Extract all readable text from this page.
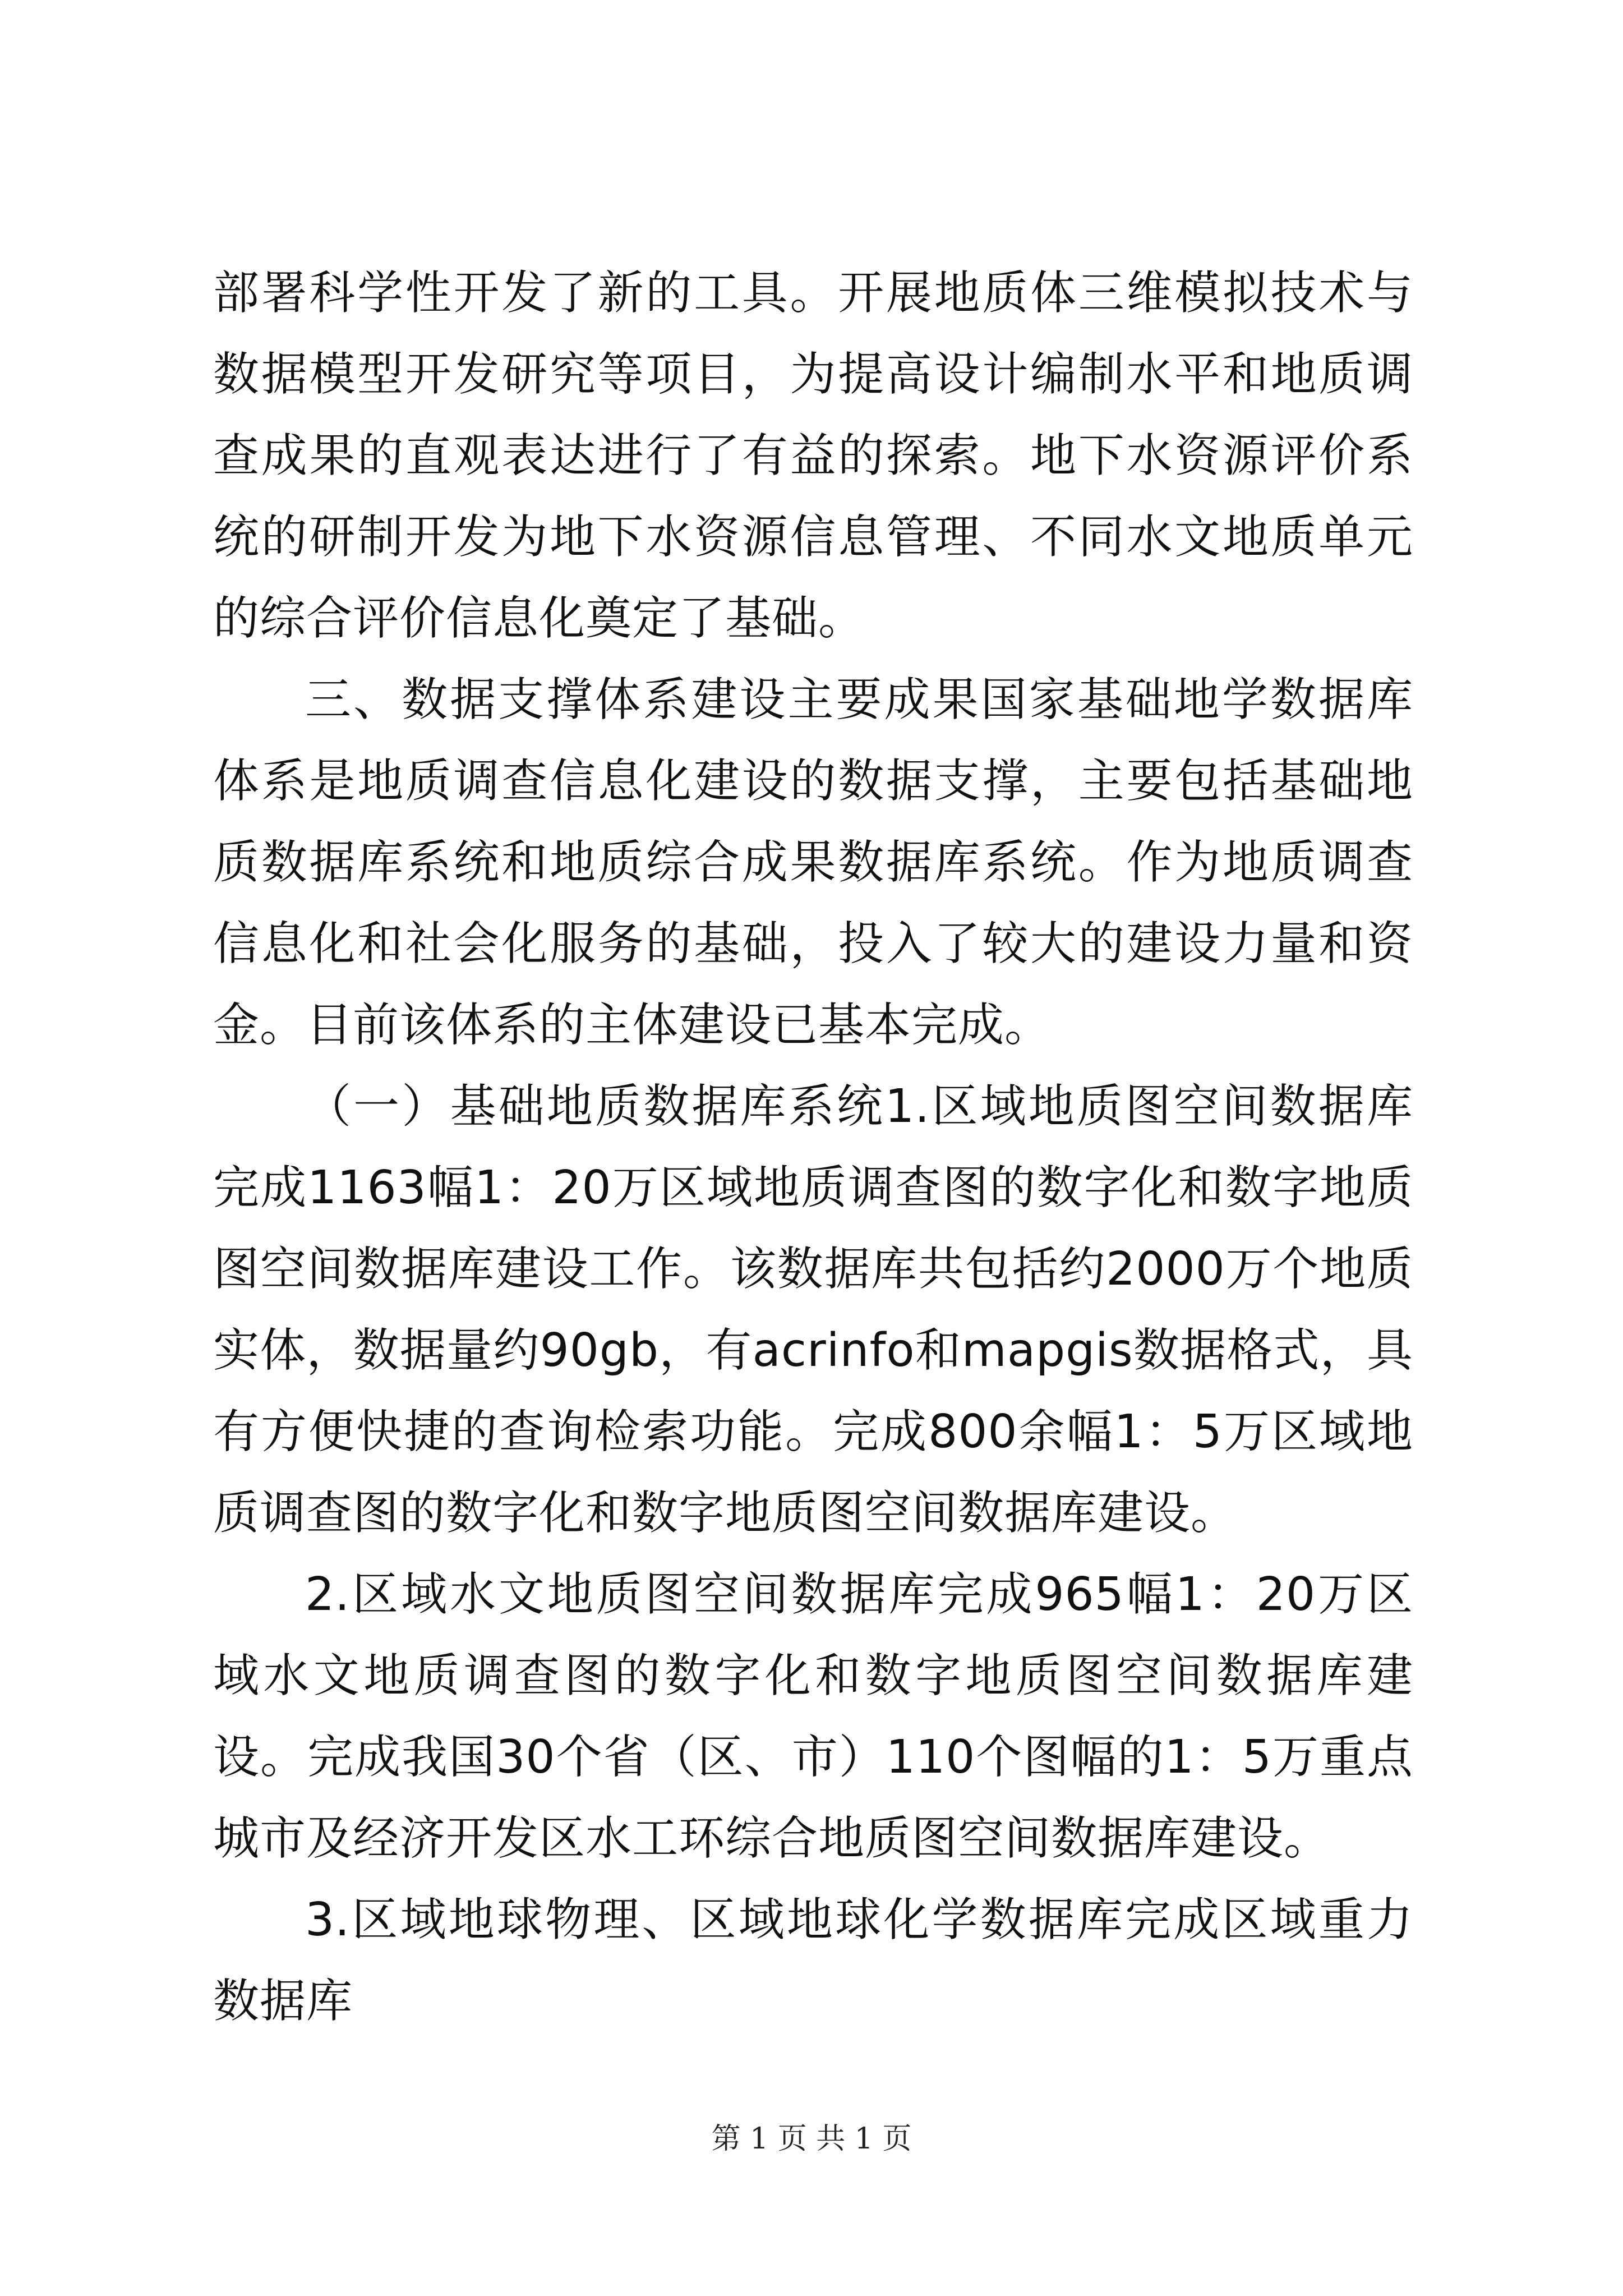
部署科学性开发了新的工具。开展地质体三维模拟技术与数据模型开发研究等项目，为提高设计编制水平和地质调查成果的直观表达进行了有益的探索。地下水资源评价系统的研制开发为地下水资源信息管理、不同水文地质单元的综合评价信息化奠定了基础。

三、数据支撑体系建设主要成果国家基础地学数据库体系是地质调查信息化建设的数据支撑，主要包括基础地质数据库系统和地质综合成果数据库系统。作为地质调查信息化和社会化服务的基础，投入了较大的建设力量和资金。目前该体系的主体建设已基本完成。

（一）基础地质数据库系统1.区域地质图空间数据库完成1163幅1：20万区域地质调查图的数字化和数字地质图空间数据库建设工作。该数据库共包括约2000万个地质实体，数据量约90gb，有acrinfo和mapgis数据格式，具有方便快捷的查询检索功能。完成800余幅1：5万区域地质调查图的数字化和数字地质图空间数据库建设。

2.区域水文地质图空间数据库完成965幅1：20万区域水文地质调查图的数字化和数字地质图空间数据库建设。完成我国30个省（区、市）110个图幅的1：5万重点城市及经济开发区水工环综合地质图空间数据库建设。

3.区域地球物理、区域地球化学数据库完成区域重力数据库

第 1 页 共 1 页
